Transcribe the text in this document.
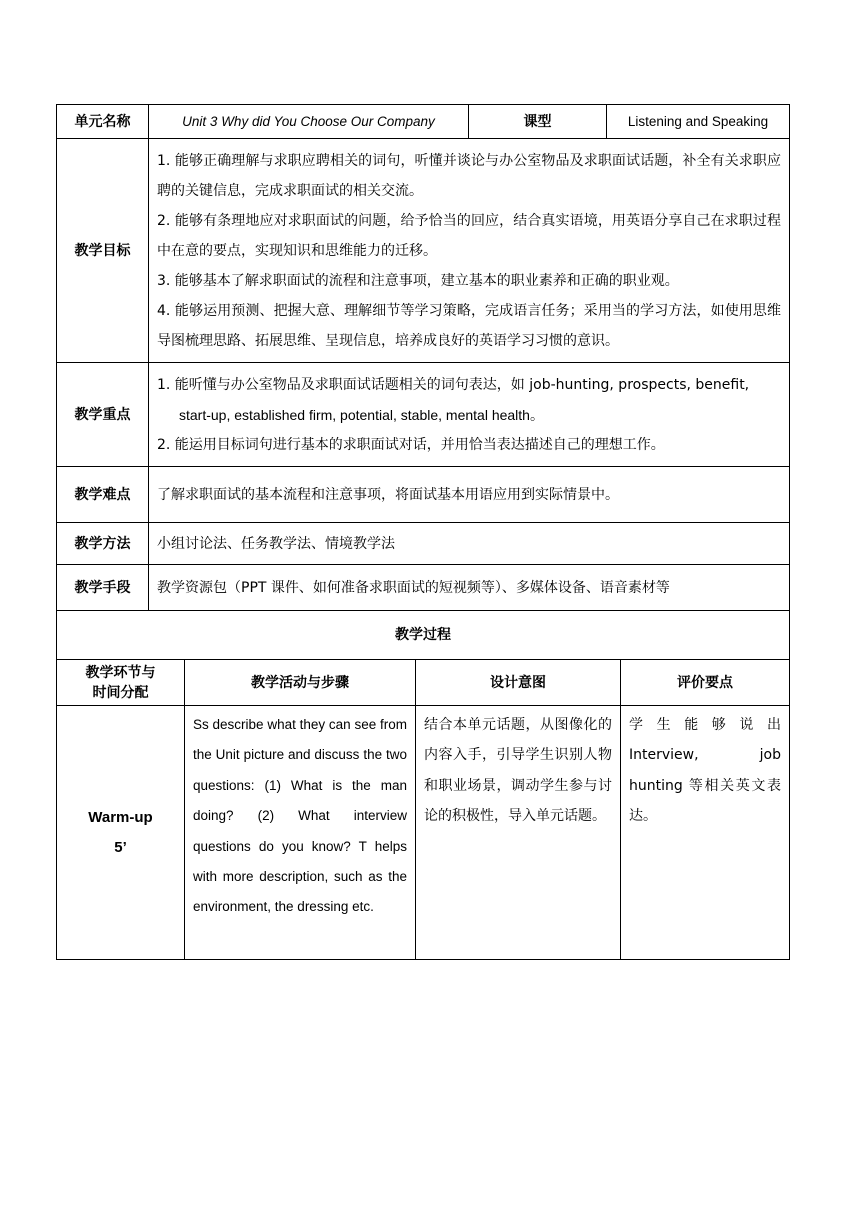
单元名称	Unit 3 Why did You Choose Our Company	课型	Listening and Speaking
教学目标	1. 能够正确理解与求职应聘相关的词句，听懂并谈论与办公室物品及求职面试话题，补全有关求职应聘的关键信息，完成求职面试的相关交流。

2. 能够有条理地应对求职面试的问题，给予恰当的回应，结合真实语境，用英语分享自己在求职过程中在意的要点，实现知识和思维能力的迁移。

3. 能够基本了解求职面试的流程和注意事项，建立基本的职业素养和正确的职业观。

4. 能够运用预测、把握大意、理解细节等学习策略，完成语言任务；采用当的学习方法，如使用思维导图梳理思路、拓展思维、呈现信息，培养成良好的英语学习习惯的意识。		

教学重点	1. 能听懂与办公室物品及求职面试话题相关的词句表达，如 job-hunting, prospects, benefit,

start-up, established firm, potential, stable, mental health。

2. 能运用目标词句进行基本的求职面试对话，并用恰当表达描述自己的理想工作。		

教学难点	了解求职面试的基本流程和注意事项，将面试基本用语应用到实际情景中。		
教学方法	小组讨论法、任务教学法、情境教学法		
教学手段	教学资源包（PPT 课件、如何准备求职面试的短视频等）、多媒体设备、语音素材等		
教学过程			
教学环节与
时间分配	教学活动与步骤	设计意图	评价要点

Warm-up
5’	Ss describe what they can see from the Unit picture and discuss the two questions: (1) What is the man doing? (2) What interview questions do you know? T helps with more description, such as the environment, the dressing etc.	结合本单元话题，从图像化的内容入手，引导学生识别人物和职业场景，调动学生参与讨论的积极性，导入单元话题。	学生能够说出 Interview, job hunting 等相关英文表达。
